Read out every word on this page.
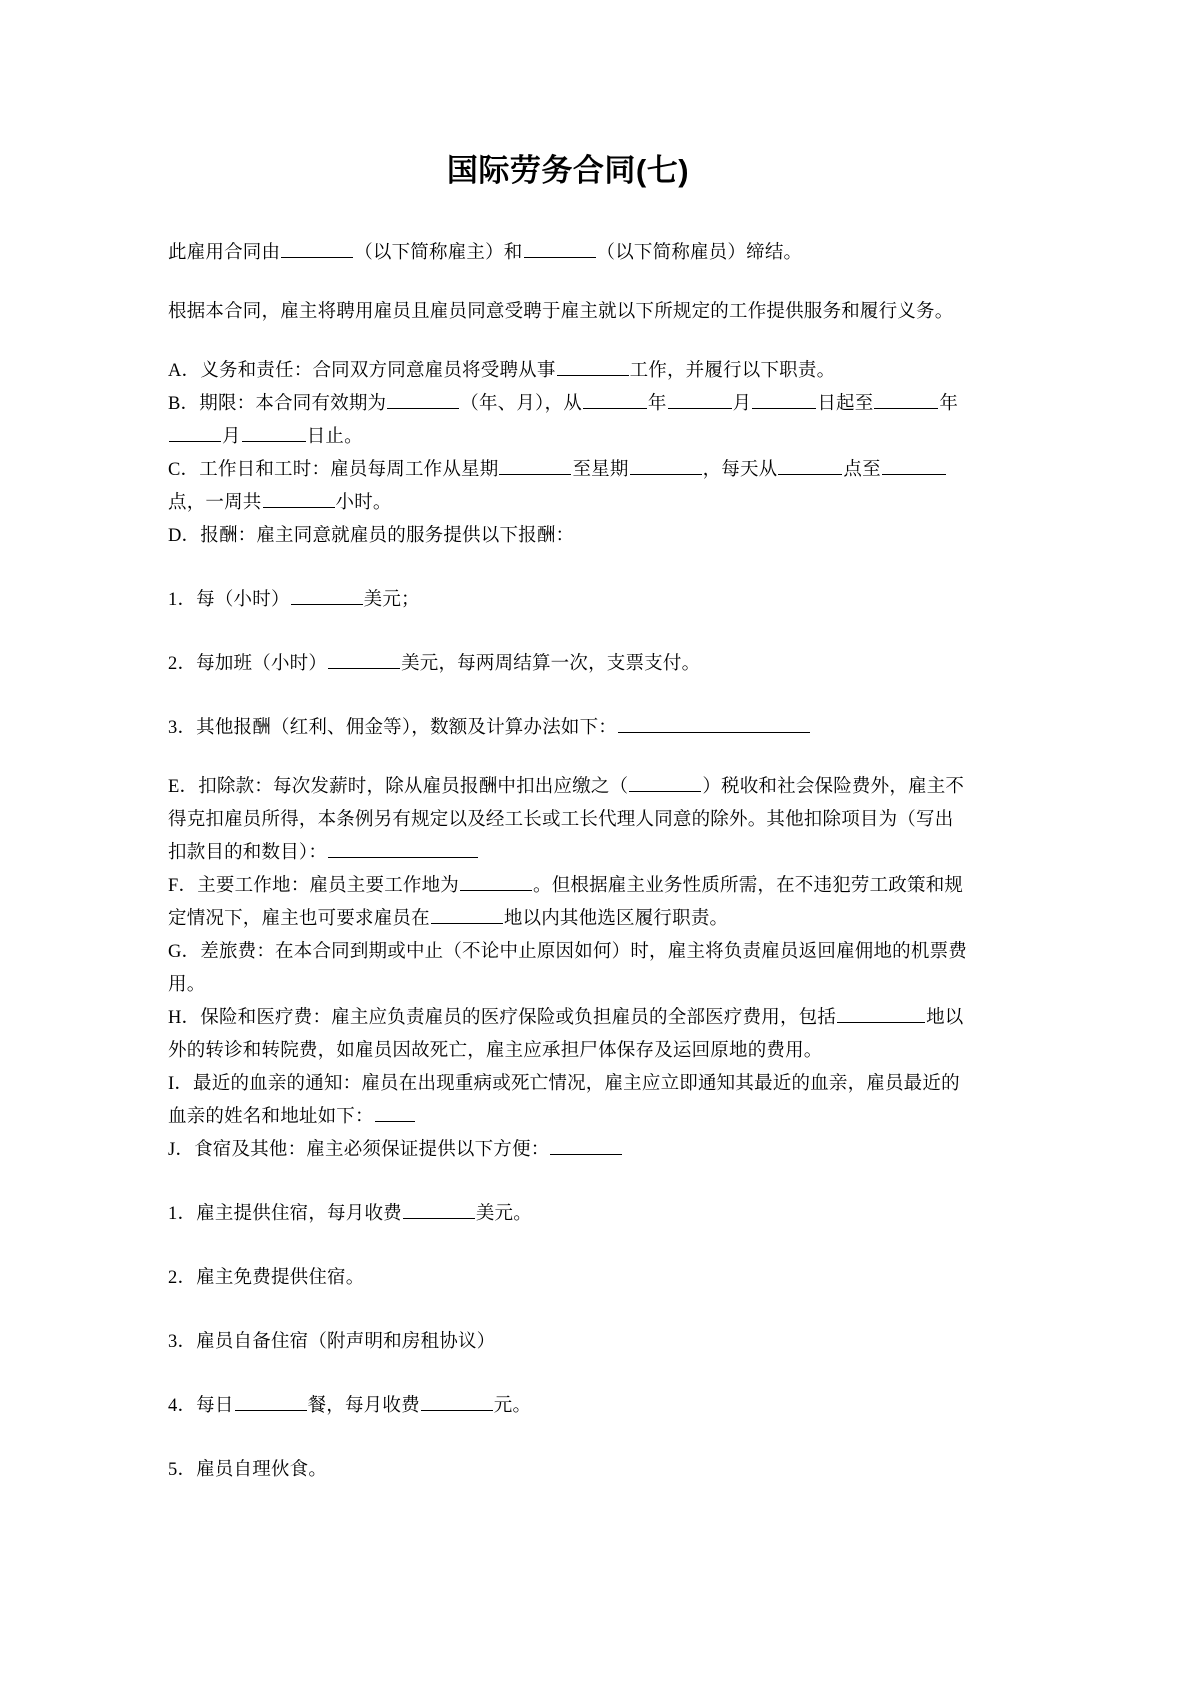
国际劳务合同(七)

此雇用合同由	（以下简称雇主）和	（以下简称雇员）缔结。

根据本合同，雇主将聘用雇员且雇员同意受聘于雇主就以下所规定的工作提供服务和履行义务。

A．义务和责任：合同双方同意雇员将受聘从事	工作，并履行以下职责。

B．期限：本合同有效期为	（年、月），从	年	月	日起至	年月	日止。

C．工作日和工时：雇员每周工作从星期	至星期	，每天从	点至点，一周共	小时。

D．报酬：雇主同意就雇员的服务提供以下报酬：

1．每（小时）	美元；

2．每加班（小时）	美元，每两周结算一次，支票支付。

3．其他报酬（红利、佣金等），数额及计算办法如下：

E．扣除款：每次发薪时，除从雇员报酬中扣出应缴之（	）税收和社会保险费外，雇主不得克扣雇员所得，本条例另有规定以及经工长或工长代理人同意的除外。其他扣除项目为（写出扣款目的和数目）：

F．主要工作地：雇员主要工作地为	。但根据雇主业务性质所需，在不违犯劳工政策和规定情况下，雇主也可要求雇员在	地以内其他选区履行职责。

G．差旅费：在本合同到期或中止（不论中止原因如何）时，雇主将负责雇员返回雇佣地的机票费用。

H．保险和医疗费：雇主应负责雇员的医疗保险或负担雇员的全部医疗费用，包括	地以外的转诊和转院费，如雇员因故死亡，雇主应承担尸体保存及运回原地的费用。

I．最近的血亲的通知：雇员在出现重病或死亡情况，雇主应立即通知其最近的血亲，雇员最近的血亲的姓名和地址如下：

J．食宿及其他：雇主必须保证提供以下方便：

1．雇主提供住宿，每月收费	美元。

2．雇主免费提供住宿。

3．雇员自备住宿（附声明和房租协议）

4．每日	餐，每月收费	元。

5．雇员自理伙食。
